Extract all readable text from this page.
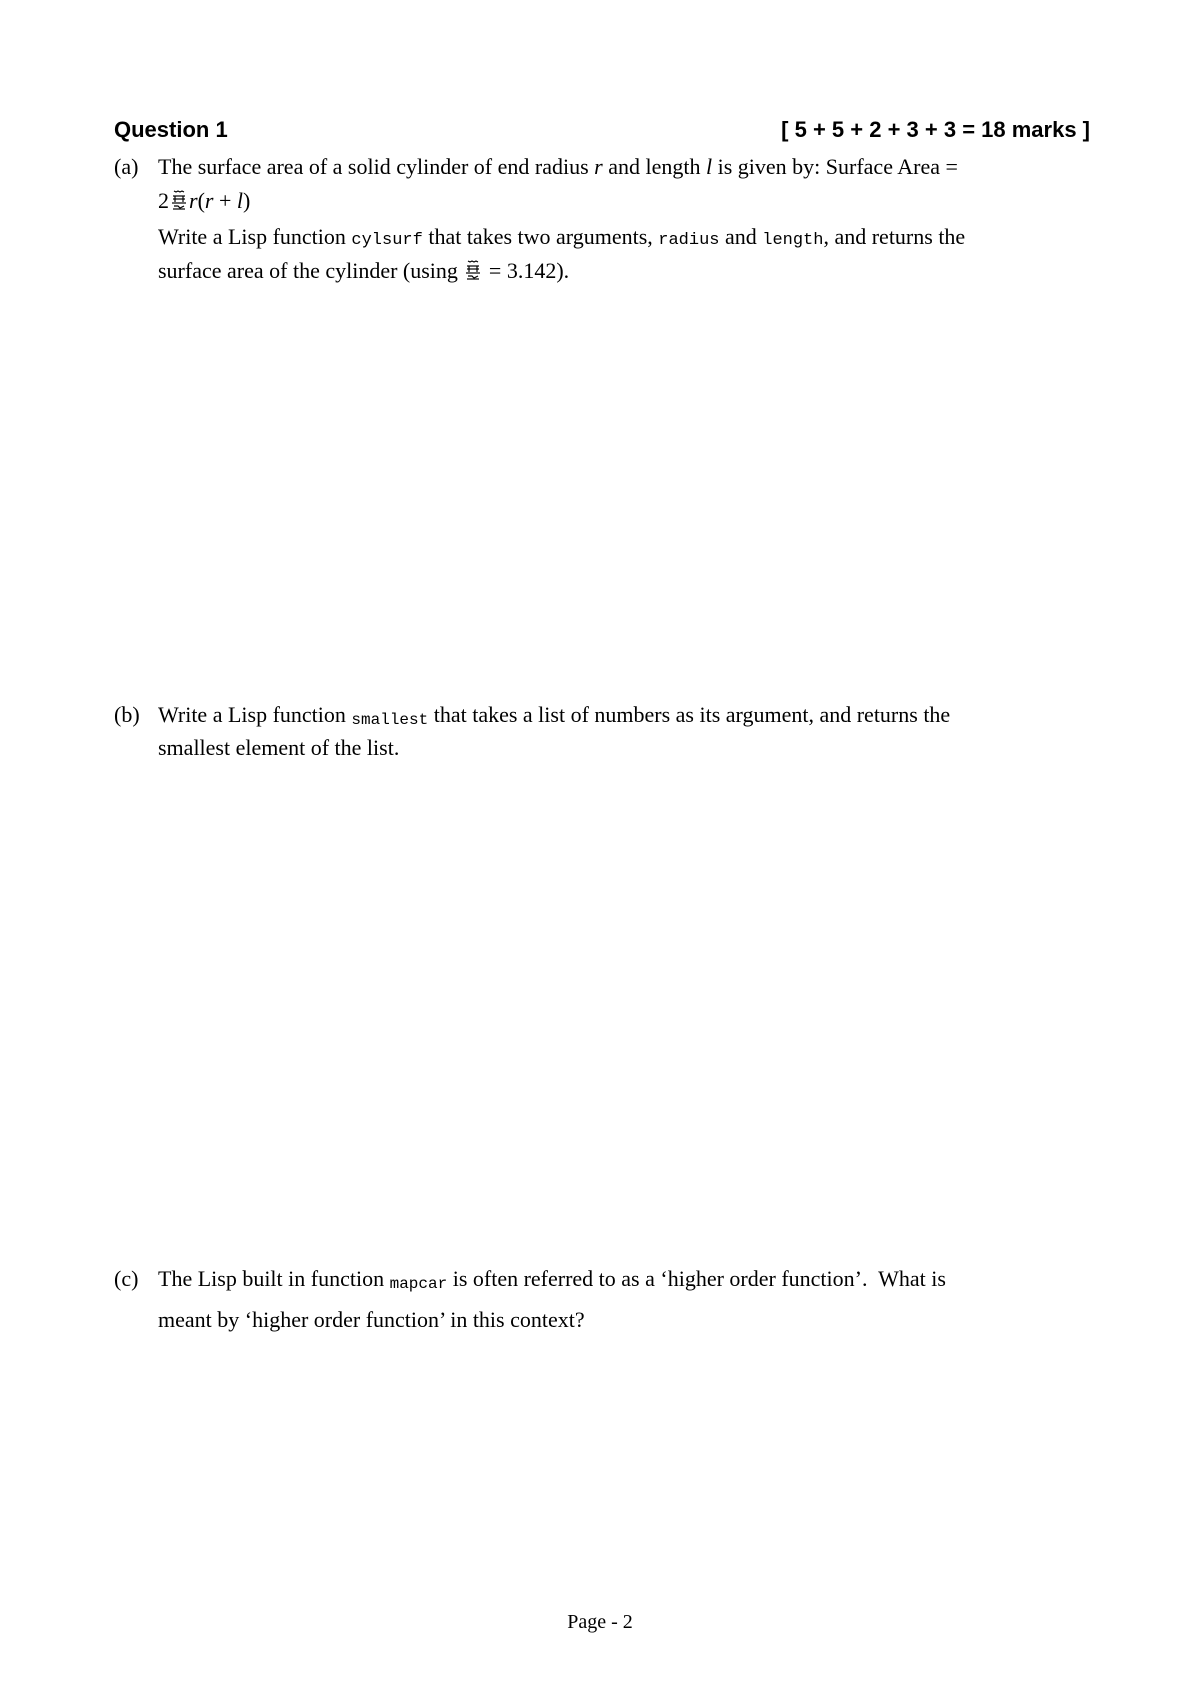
Question 1	[ 5 + 5 + 2 + 3 + 3 = 18 marks ]
(a) The surface area of a solid cylinder of end radius r and length l is given by: Surface Area =
2 r(r + l)
Write a Lisp function cylsurf that takes two arguments, radius and length, and returns the
surface area of the cylinder (using = 3.142).
(b) Write a Lisp function smallest that takes a list of numbers as its argument, and returns the
smallest element of the list.
(c) The Lisp built in function mapcar is often referred to as a ‘higher order function’.  What is
meant by ‘higher order function’ in this context?
Page - 2
